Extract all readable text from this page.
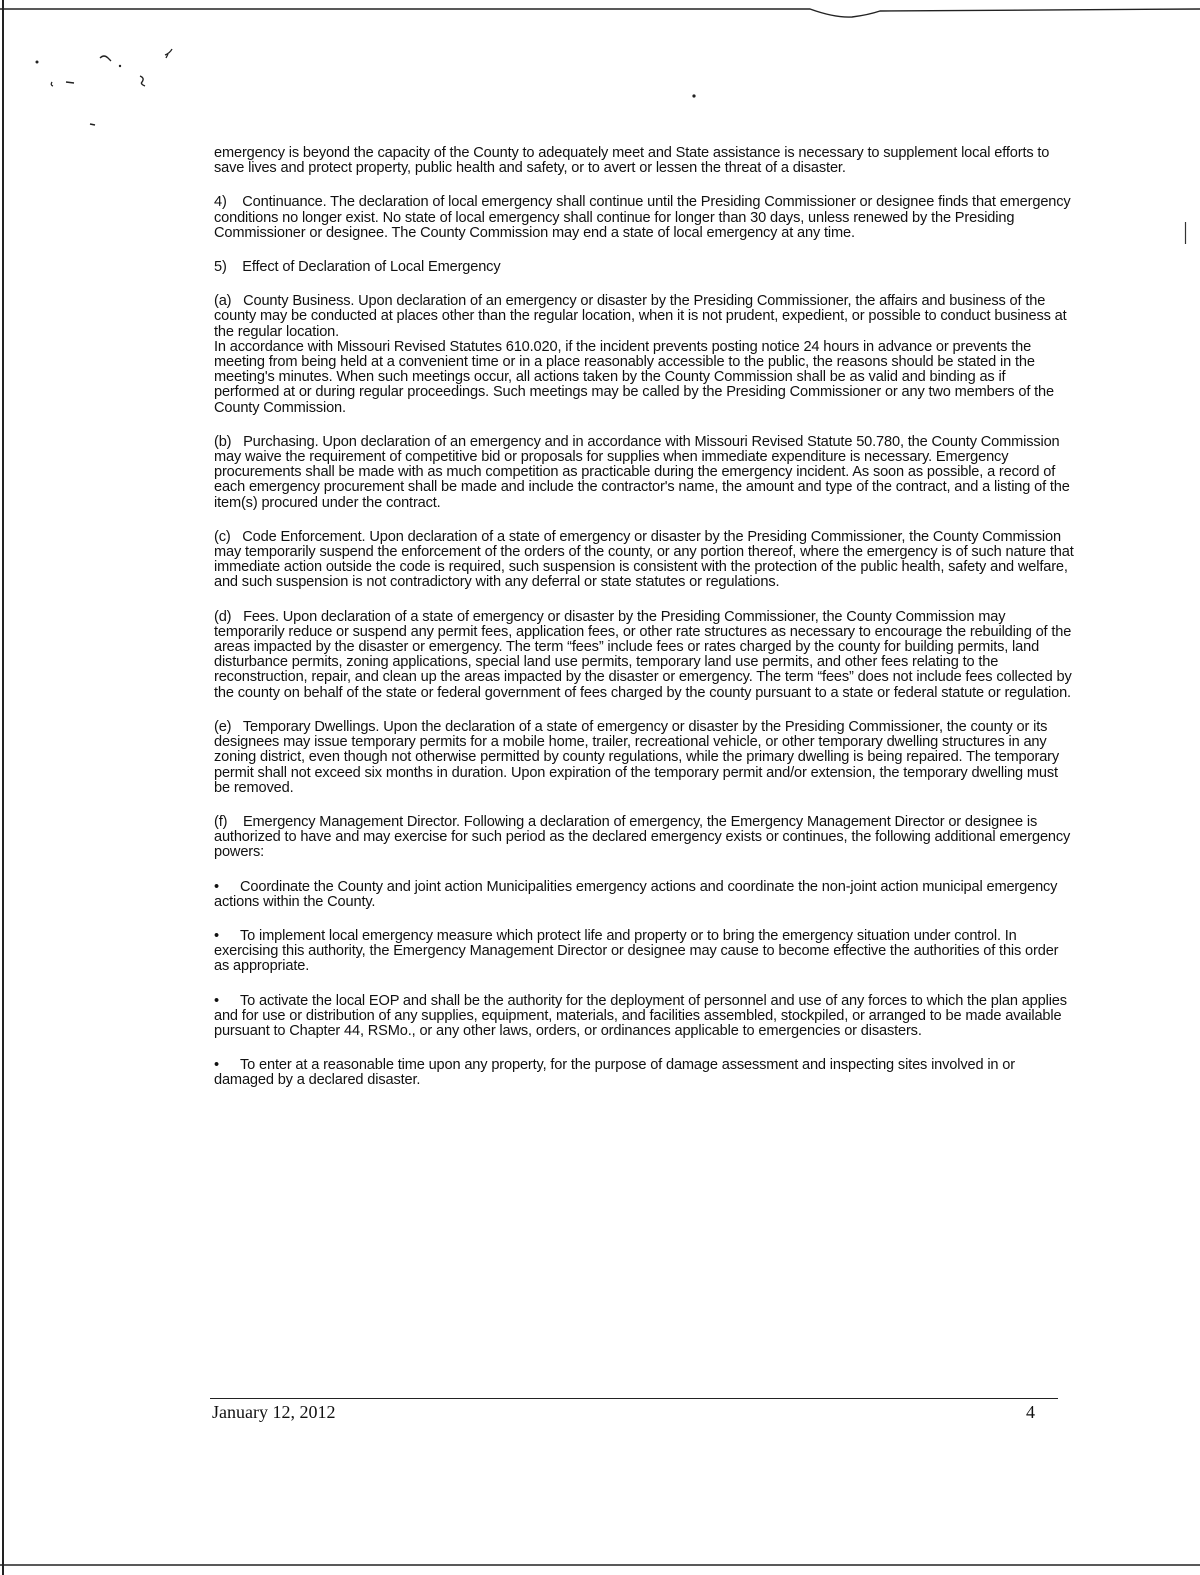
emergency is beyond the capacity of the County to adequately meet and State assistance is necessary to supplement local efforts to save lives and protect property, public health and safety, or to avert or lessen the threat of a disaster.

4)    Continuance. The declaration of local emergency shall continue until the Presiding Commissioner or designee finds that emergency conditions no longer exist. No state of local emergency shall continue for longer than 30 days, unless renewed by the Presiding Commissioner or designee. The County Commission may end a state of local emergency at any time.

5)    Effect of Declaration of Local Emergency

(a)   County Business. Upon declaration of an emergency or disaster by the Presiding Commissioner, the affairs and business of the county may be conducted at places other than the regular location, when it is not prudent, expedient, or possible to conduct business at the regular location.

In accordance with Missouri Revised Statutes 610.020, if the incident prevents posting notice 24 hours in advance or prevents the meeting from being held at a convenient time or in a place reasonably accessible to the public, the reasons should be stated in the meeting's minutes. When such meetings occur, all actions taken by the County Commission shall be as valid and binding as if performed at or during regular proceedings. Such meetings may be called by the Presiding Commissioner or any two members of the County Commission.

(b)   Purchasing. Upon declaration of an emergency and in accordance with Missouri Revised Statute 50.780, the County Commission may waive the requirement of competitive bid or proposals for supplies when immediate expenditure is necessary. Emergency procurements shall be made with as much competition as practicable during the emergency incident. As soon as possible, a record of each emergency procurement shall be made and include the contractor's name, the amount and type of the contract, and a listing of the item(s) procured under the contract.

(c)   Code Enforcement. Upon declaration of a state of emergency or disaster by the Presiding Commissioner, the County Commission may temporarily suspend the enforcement of the orders of the county, or any portion thereof, where the emergency is of such nature that immediate action outside the code is required, such suspension is consistent with the protection of the public health, safety and welfare, and such suspension is not contradictory with any deferral or state statutes or regulations.

(d)   Fees. Upon declaration of a state of emergency or disaster by the Presiding Commissioner, the County Commission may temporarily reduce or suspend any permit fees, application fees, or other rate structures as necessary to encourage the rebuilding of the areas impacted by the disaster or emergency. The term “fees” include fees or rates charged by the county for building permits, land disturbance permits, zoning applications, special land use permits, temporary land use permits, and other fees relating to the reconstruction, repair, and clean up the areas impacted by the disaster or emergency. The term “fees” does not include fees collected by the county on behalf of the state or federal government of fees charged by the county pursuant to a state or federal statute or regulation.

(e)   Temporary Dwellings. Upon the declaration of a state of emergency or disaster by the Presiding Commissioner, the county or its designees may issue temporary permits for a mobile home, trailer, recreational vehicle, or other temporary dwelling structures in any zoning district, even though not otherwise permitted by county regulations, while the primary dwelling is being repaired. The temporary permit shall not exceed six months in duration. Upon expiration of the temporary permit and/or extension, the temporary dwelling must be removed.

(f)    Emergency Management Director. Following a declaration of emergency, the Emergency Management Director or designee is authorized to have and may exercise for such period as the declared emergency exists or continues, the following additional emergency powers:

• Coordinate the County and joint action Municipalities emergency actions and coordinate the non-joint action municipal emergency actions within the County.

• To implement local emergency measure which protect life and property or to bring the emergency situation under control. In exercising this authority, the Emergency Management Director or designee may cause to become effective the authorities of this order as appropriate.

• To activate the local EOP and shall be the authority for the deployment of personnel and use of any forces to which the plan applies and for use or distribution of any supplies, equipment, materials, and facilities assembled, stockpiled, or arranged to be made available pursuant to Chapter 44, RSMo., or any other laws, orders, or ordinances applicable to emergencies or disasters.

• To enter at a reasonable time upon any property, for the purpose of damage assessment and inspecting sites involved in or damaged by a declared disaster.

January 12, 2012	4
